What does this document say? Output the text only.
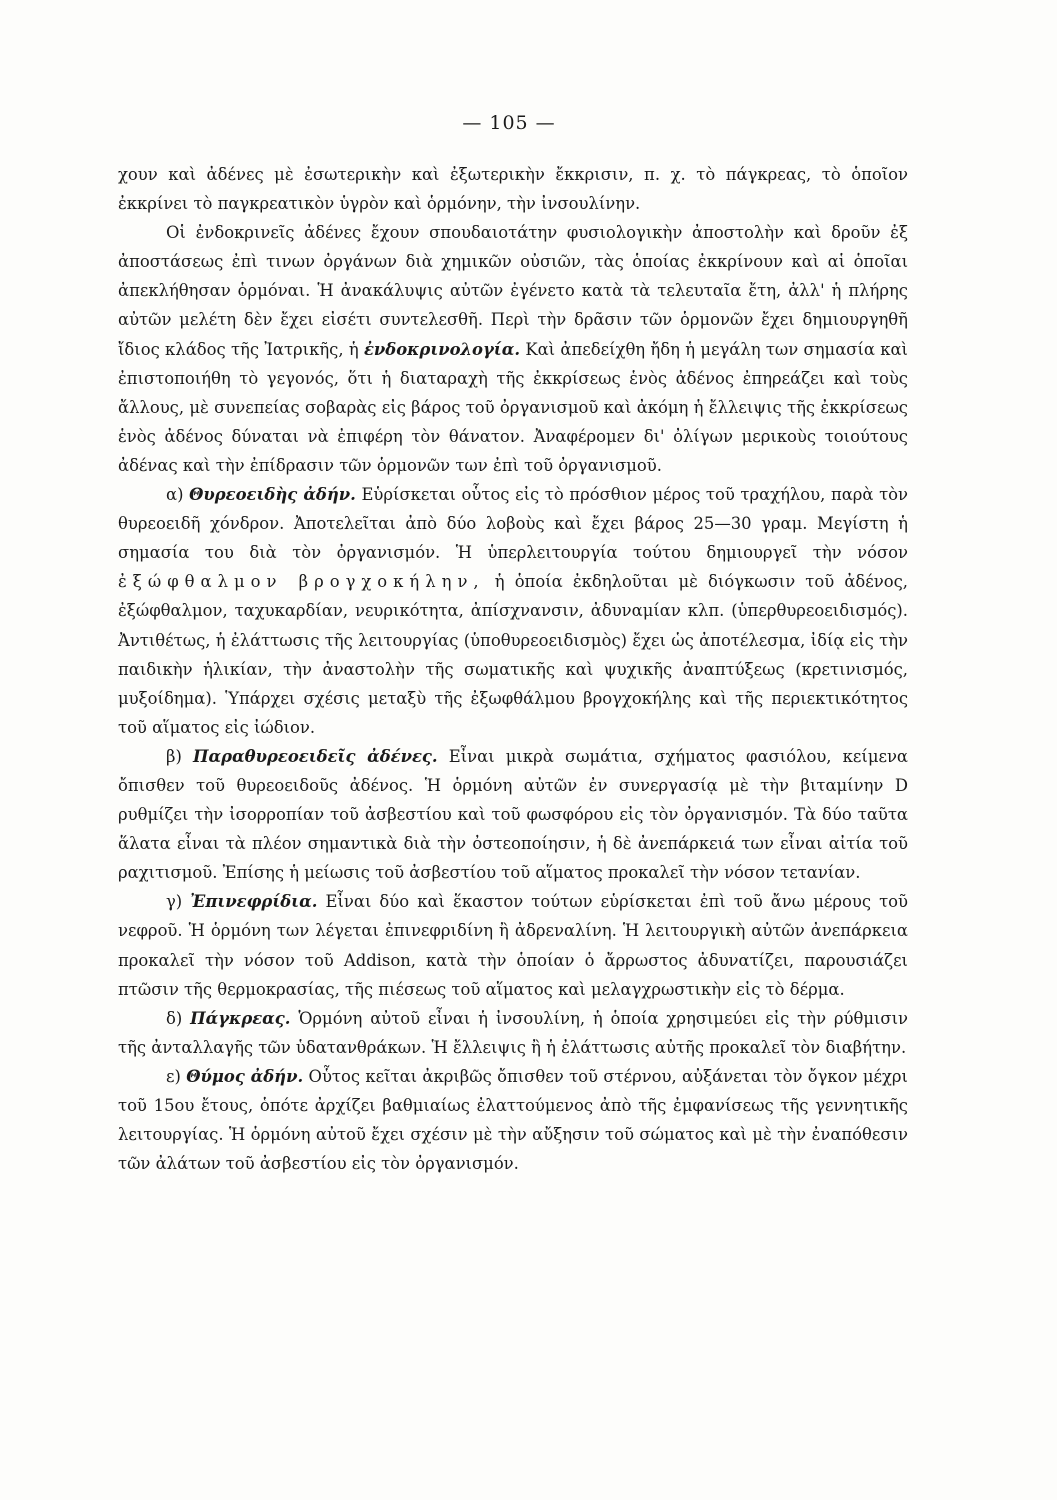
— 105 —

χουν καὶ ἀδένες μὲ ἐσωτερικὴν καὶ ἐξωτερικὴν ἔκκρισιν, π. χ. τὸ πάγκρεας, τὸ ὁποῖον ἐκκρίνει τὸ παγκρεατικὸν ὑγρὸν καὶ ὁρμόνην, τὴν ἰνσουλίνην.

Οἱ ἐνδοκρινεῖς ἀδένες ἔχουν σπουδαιοτάτην φυσιολογικὴν ἀποστολὴν καὶ δροῦν ἐξ ἀποστάσεως ἐπὶ τινων ὀργάνων διὰ χημικῶν οὐσιῶν, τὰς ὁποίας ἐκκρίνουν καὶ αἱ ὁποῖαι ἀπεκλήθησαν ὁρμόναι. Ἡ ἀνακάλυψις αὐτῶν ἐγένετο κατὰ τὰ τελευταῖα ἔτη, ἀλλ' ἡ πλήρης αὐτῶν μελέτη δὲν ἔχει εἰσέτι συντελεσθῆ. Περὶ τὴν δρᾶσιν τῶν ὁρμονῶν ἔχει δημιουργηθῆ ἴδιος κλάδος τῆς Ἰατρικῆς, ἡ ἐνδοκρινολογία. Καὶ ἀπεδείχθη ἤδη ἡ μεγάλη των σημασία καὶ ἐπιστοποιήθη τὸ γεγονός, ὅτι ἡ διαταραχὴ τῆς ἐκκρίσεως ἑνὸς ἀδένος ἐπηρεάζει καὶ τοὺς ἄλλους, μὲ συνεπείας σοβαρὰς εἰς βάρος τοῦ ὀργανισμοῦ καὶ ἀκόμη ἡ ἔλλειψις τῆς ἐκκρίσεως ἑνὸς ἀδένος δύναται νὰ ἐπιφέρη τὸν θάνατον. Ἀναφέρομεν δι' ὀλίγων μερικοὺς τοιούτους ἀδένας καὶ τὴν ἐπίδρασιν τῶν ὁρμονῶν των ἐπὶ τοῦ ὀργανισμοῦ.

α) Θυρεοειδὴς ἀδήν. Εὑρίσκεται οὗτος εἰς τὸ πρόσθιον μέρος τοῦ τραχήλου, παρὰ τὸν θυρεοειδῆ χόνδρον. Ἀποτελεῖται ἀπὸ δύο λοβοὺς καὶ ἔχει βάρος 25—30 γραμ. Μεγίστη ἡ σημασία του διὰ τὸν ὀργανισμόν. Ἡ ὑπερλειτουργία τούτου δημιουργεῖ τὴν νόσον ἐξώφθαλμον βρογχοκήλην, ἡ ὁποία ἐκδηλοῦται μὲ διόγκωσιν τοῦ ἀδένος, ἐξώφθαλμον, ταχυκαρδίαν, νευρικότητα, ἀπίσχνανσιν, ἀδυναμίαν κλπ. (ὑπερθυρεοειδισμός). Ἀντιθέτως, ἡ ἐλάττωσις τῆς λειτουργίας (ὑποθυρεοειδισμὸς) ἔχει ὡς ἀποτέλεσμα, ἰδίᾳ εἰς τὴν παιδικὴν ἡλικίαν, τὴν ἀναστολὴν τῆς σωματικῆς καὶ ψυχικῆς ἀναπτύξεως (κρετινισμός, μυξοίδημα). Ὑπάρχει σχέσις μεταξὺ τῆς ἐξωφθάλμου βρογχοκήλης καὶ τῆς περιεκτικότητος τοῦ αἵματος εἰς ἰώδιον.

β) Παραθυρεοειδεῖς ἀδένες. Εἶναι μικρὰ σωμάτια, σχήματος φασιόλου, κείμενα ὄπισθεν τοῦ θυρεοειδοῦς ἀδένος. Ἡ ὁρμόνη αὐτῶν ἐν συνεργασίᾳ μὲ τὴν βιταμίνην D ρυθμίζει τὴν ἰσορροπίαν τοῦ ἀσβεστίου καὶ τοῦ φωσφόρου εἰς τὸν ὀργανισμόν. Τὰ δύο ταῦτα ἅλατα εἶναι τὰ πλέον σημαντικὰ διὰ τὴν ὀστεοποίησιν, ἡ δὲ ἀνεπάρκειά των εἶναι αἰτία τοῦ ραχιτισμοῦ. Ἐπίσης ἡ μείωσις τοῦ ἀσβεστίου τοῦ αἵματος προκαλεῖ τὴν νόσον τετανίαν.

γ) Ἐπινεφρίδια. Εἶναι δύο καὶ ἕκαστον τούτων εὑρίσκεται ἐπὶ τοῦ ἄνω μέρους τοῦ νεφροῦ. Ἡ ὁρμόνη των λέγεται ἐπινεφριδίνη ἢ ἀδρεναλίνη. Ἡ λειτουργικὴ αὐτῶν ἀνεπάρκεια προκαλεῖ τὴν νόσον τοῦ Addison, κατὰ τὴν ὁποίαν ὁ ἄρρωστος ἀδυνατίζει, παρουσιάζει πτῶσιν τῆς θερμοκρασίας, τῆς πιέσεως τοῦ αἵματος καὶ μελαγχρωστικὴν εἰς τὸ δέρμα.

δ) Πάγκρεας. Ὁρμόνη αὐτοῦ εἶναι ἡ ἰνσουλίνη, ἡ ὁποία χρησιμεύει εἰς τὴν ρύθμισιν τῆς ἀνταλλαγῆς τῶν ὑδατανθράκων. Ἡ ἔλλειψις ἢ ἡ ἐλάττωσις αὐτῆς προκαλεῖ τὸν διαβήτην.

ε) Θύμος ἀδήν. Οὗτος κεῖται ἀκριβῶς ὄπισθεν τοῦ στέρνου, αὐξάνεται τὸν ὄγκον μέχρι τοῦ 15ου ἔτους, ὁπότε ἀρχίζει βαθμιαίως ἐλαττούμενος ἀπὸ τῆς ἐμφανίσεως τῆς γεννητικῆς λειτουργίας. Ἡ ὁρμόνη αὐτοῦ ἔχει σχέσιν μὲ τὴν αὔξησιν τοῦ σώματος καὶ μὲ τὴν ἐναπόθεσιν τῶν ἀλάτων τοῦ ἀσβεστίου εἰς τὸν ὀργανισμόν.
